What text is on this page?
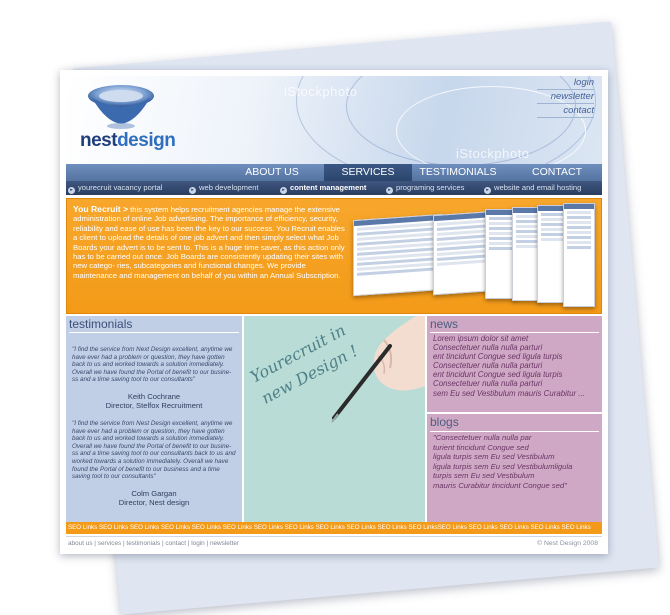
nestdesign
iStockphoto
iStockphoto
login
newsletter
contact
ABOUT US	SERVICES	TESTIMONIALS	CONTACT
▸ yourecruit vacancy portal	▸ web development	▸ content management	▸ programing services	▸ website and email hosting
You Recruit > this system helps recruitment agencies manage the extensive administration of online Job advertising. The importance of efficiency, security, reliability and ease of use has been the key to our success. You Recruit enables a client to upload the details of one job advert and then simply select what Job Boards your advert is to be sent to. This is a huge time saver, as this action only has to be carried out once. Job Boards are consistently updating their sites with new catego- ries, subcategories and functional changes. We provide maintenance and management on behalf of you within an Annual Subscription.
testimonials
"I find the service from Next Design excellent, anytime we have ever had a problem or question, they have gotten back to us and worked towards a solution immediately. Overall we have found the Portal of benefit to our busine- ss and a time saving tool to our consultants"
Keith Cochrane
Director, Stelfox Recruitment
"I find the service from Nest Design excellent, anytime we have ever had a problem or question, they have gotten back to us and worked towards a solution immediately. Overall we have found the Portal of benefit to our busine- ss and a time saving tool to our consultants back to us and worked towards a solution immediately. Overall we have found the Portal of benefit to our business and a time saving tool to our consultants"
Colm Gargan
Director, Nest design
Yourecruit in new Design !
news
Lorem ipsum dolor sit amet
Consectetuer nulla nulla parturi
ent tincidunt Congue sed ligula turpis
Consectetuer nulla nulla parturi
ent tincidunt Congue sed ligula turpis
Consectetuer nulla nulla parturi
sem Eu sed Vestibulum mauris Curabitur ...
blogs
"Consectetuer nulla nulla par
turient tincidunt Congue sed
ligula turpis sem Eu sed Vestibulum
ligula turpis sem Eu sed Vestibulumligula
turpis sem Eu sed Vestibulum
mauris Curabitur tincidunt Congue sed"
SEO Links SEO Links SEO Links SEO Links SEO Links SEO Links SEO Links SEO Links SEO Links SEO Links SEO Links SEO LinksSEO Links SEO Links SEO Links SEO Links SEO Links
about us | services | testimonials | contact | login | newsletter	© Nest Design 2008
